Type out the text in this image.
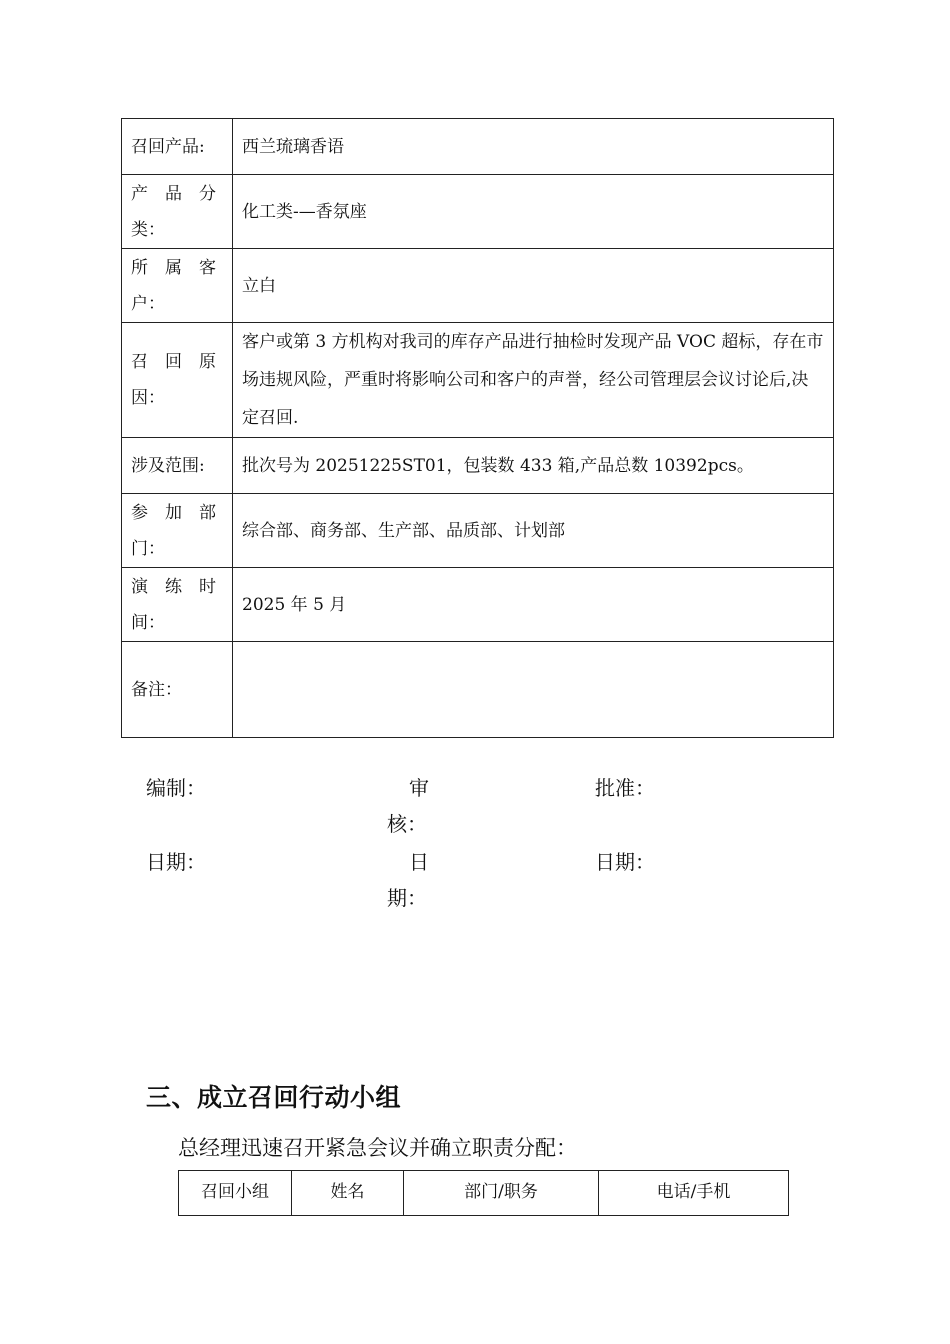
召回产品:	西兰琉璃香语

产　品　分
类：	化工类-—香氛座

所　属　客
户：	立白

召　回　原
因：	客户或第 3 方机构对我司的库存产品进行抽检时发现产品 VOC 超标，存在市场违规风险，严重时将影响公司和客户的声誉，经公司管理层会议讨论后,决定召回.
涉及范围:	批次号为 20251225ST01，包装数 433 箱,产品总数 10392pcs。

参　加　部
门：	综合部、商务部、生产部、品质部、计划部

演　练　时
间：	2025 年 5 月
备注：	
编制：	审
核：
批准：
日期：	日
期：
日期：
三、成立召回行动小组
总经理迅速召开紧急会议并确立职责分配：
召回小组	姓名	部门/职务	电话/手机
